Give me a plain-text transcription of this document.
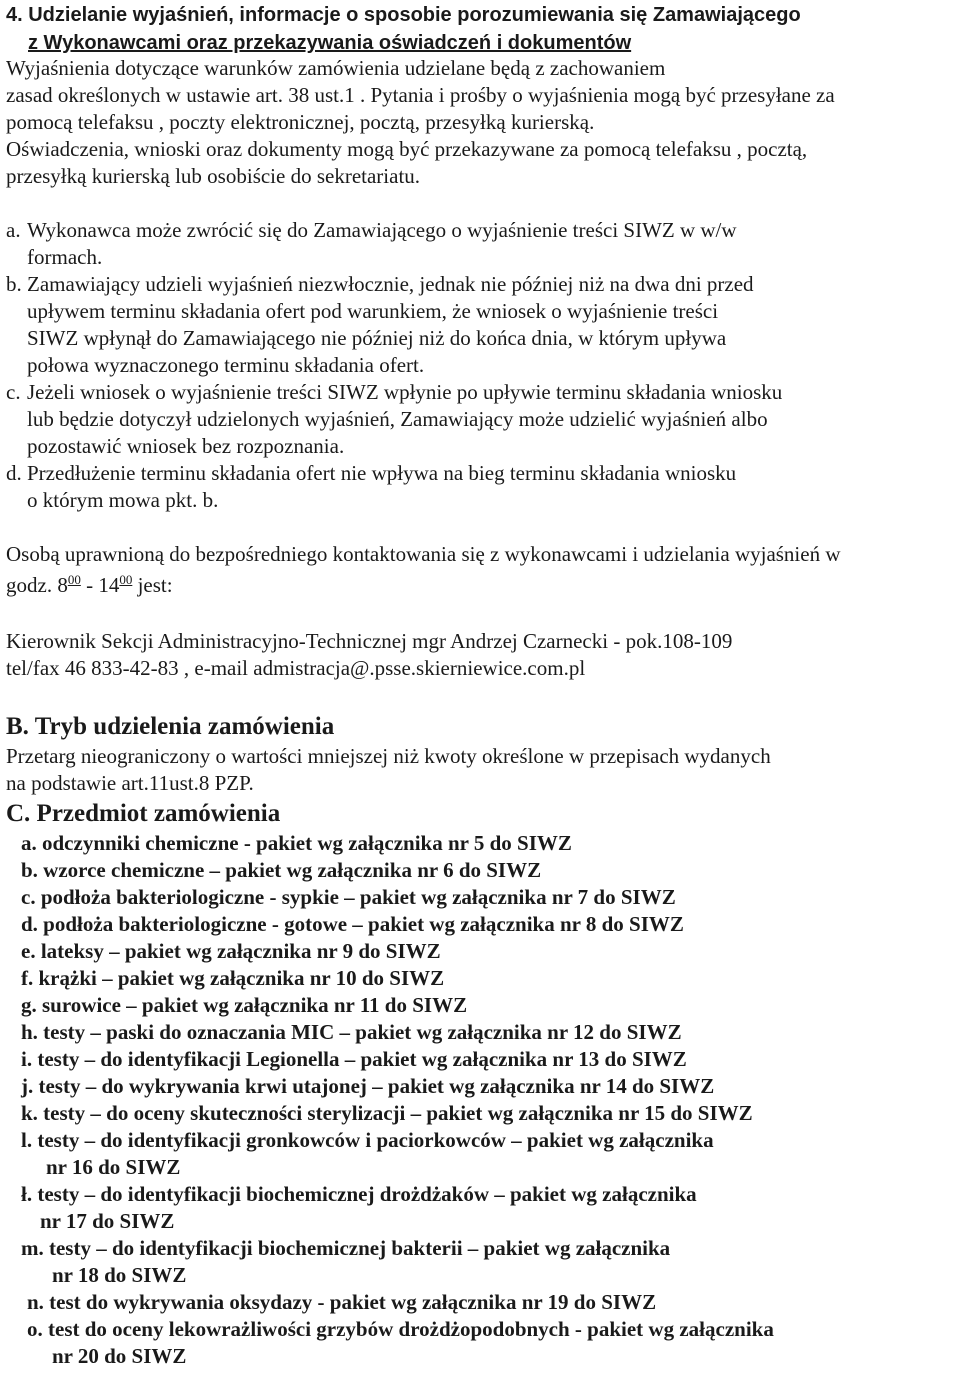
4. Udzielanie wyjaśnień, informacje o sposobie porozumiewania się Zamawiającego
z Wykonawcami oraz przekazywania oświadczeń i dokumentów
Wyjaśnienia dotyczące warunków zamówienia udzielane będą z zachowaniem
zasad określonych w ustawie art. 38 ust.1 . Pytania i prośby o wyjaśnienia mogą być przesyłane za
pomocą telefaksu , poczty elektronicznej, pocztą, przesyłką kurierską.
Oświadczenia, wnioski oraz dokumenty mogą być przekazywane za pomocą telefaksu , pocztą,
przesyłką kurierską lub osobiście do sekretariatu.
a. Wykonawca może zwrócić się do Zamawiającego o wyjaśnienie treści SIWZ w w/w
formach.
b. Zamawiający udzieli wyjaśnień niezwłocznie, jednak nie później niż na dwa dni przed
upływem terminu składania ofert pod warunkiem, że wniosek o wyjaśnienie treści
SIWZ wpłynął do Zamawiającego nie później niż do końca dnia, w którym upływa
połowa wyznaczonego terminu składania ofert.
c. Jeżeli wniosek o wyjaśnienie treści SIWZ wpłynie po upływie terminu składania wniosku
lub będzie dotyczył udzielonych wyjaśnień, Zamawiający może udzielić wyjaśnień albo
pozostawić wniosek bez rozpoznania.
d. Przedłużenie terminu składania ofert nie wpływa na bieg terminu składania wniosku
o którym mowa pkt. b.
Osobą uprawnioną do bezpośredniego kontaktowania się z wykonawcami i udzielania wyjaśnień w
godz. $8^{00} - 14^{00}$ jest:
Kierownik Sekcji Administracyjno-Technicznej mgr Andrzej Czarnecki - pok.108-109
tel/fax 46 833-42-83 , e-mail admistracja@.psse.skierniewice.com.pl
B. Tryb udzielenia zamówienia
Przetarg nieograniczony o wartości mniejszej niż kwoty określone w przepisach wydanych
na podstawie art.11ust.8 PZP.
C. Przedmiot zamówienia
a. odczynniki chemiczne - pakiet wg załącznika nr 5 do SIWZ
b. wzorce chemiczne – pakiet wg załącznika nr 6 do SIWZ
c. podłoża bakteriologiczne - sypkie – pakiet wg załącznika nr 7 do SIWZ
d. podłoża bakteriologiczne - gotowe – pakiet wg załącznika nr 8 do SIWZ
e. lateksy – pakiet wg załącznika nr 9 do SIWZ
f. krążki – pakiet wg załącznika nr 10 do SIWZ
g. surowice – pakiet wg załącznika nr 11 do SIWZ
h. testy – paski do oznaczania MIC – pakiet wg załącznika nr 12 do SIWZ
i. testy – do identyfikacji Legionella – pakiet wg załącznika nr 13 do SIWZ
j. testy – do wykrywania krwi utajonej – pakiet wg załącznika nr 14 do SIWZ
k. testy – do oceny skuteczności sterylizacji – pakiet wg załącznika nr 15 do SIWZ
l. testy – do identyfikacji gronkowców i paciorkowców – pakiet wg załącznika
nr 16 do SIWZ
ł. testy – do identyfikacji biochemicznej drożdżaków – pakiet wg załącznika
nr 17 do SIWZ
m. testy – do identyfikacji biochemicznej bakterii – pakiet wg załącznika
nr 18 do SIWZ
n. test do wykrywania oksydazy - pakiet wg załącznika nr 19 do SIWZ
o. test do oceny lekowrażliwości grzybów drożdżopodobnych - pakiet wg załącznika
nr 20 do SIWZ
